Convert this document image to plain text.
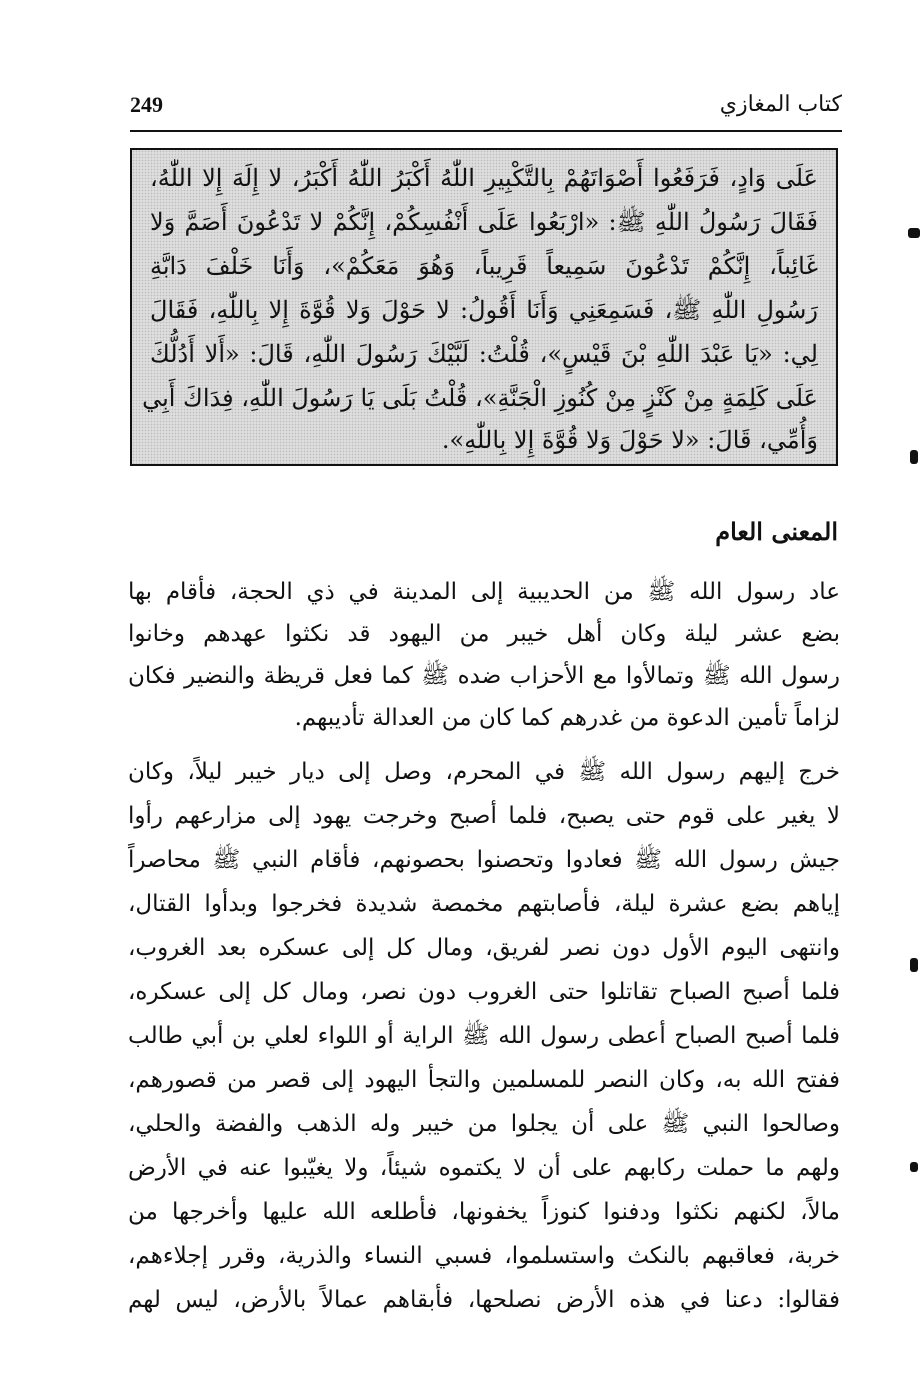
249	كتاب المغازي
عَلَى وَادٍ، فَرَفَعُوا أَصْوَاتَهُمْ بِالتَّكْبِيرِ اللّٰهُ أَكْبَرُ اللّٰهُ أَكْبَرُ، لا إِلَهَ إِلا اللّٰهُ،
فَقَالَ رَسُولُ اللّٰهِ ﷺ: «ارْبَعُوا عَلَى أَنْفُسِكُمْ، إِنَّكُمْ لا تَدْعُونَ أَصَمَّ وَلا
غَائِباً، إِنَّكُمْ تَدْعُونَ سَمِيعاً قَرِيباً، وَهُوَ مَعَكُمْ»، وَأَنَا خَلْفَ دَابَّةِ
رَسُولِ اللّٰهِ ﷺ، فَسَمِعَنِي وَأَنَا أَقُولُ: لا حَوْلَ وَلا قُوَّةَ إِلا بِاللّٰهِ، فَقَالَ
لِي: «يَا عَبْدَ اللّٰهِ بْنَ قَيْسٍ»، قُلْتُ: لَبَّيْكَ رَسُولَ اللّٰهِ، قَالَ: «أَلا أَدُلُّكَ
عَلَى كَلِمَةٍ مِنْ كَنْزٍ مِنْ كُنُوزِ الْجَنَّةِ»، قُلْتُ بَلَى يَا رَسُولَ اللّٰهِ، فِدَاكَ أَبِي
وَأُمِّي، قَالَ: «لا حَوْلَ وَلا قُوَّةَ إِلا بِاللّٰهِ».
المعنى العام
عاد رسول الله ﷺ من الحديبية إلى المدينة في ذي الحجة، فأقام بها
بضع عشر ليلة وكان أهل خيبر من اليهود قد نكثوا عهدهم وخانوا
رسول الله ﷺ وتمالأوا مع الأحزاب ضده ﷺ كما فعل قريظة والنضير فكان
لزاماً تأمين الدعوة من غدرهم كما كان من العدالة تأديبهم.
خرج إليهم رسول الله ﷺ في المحرم، وصل إلى ديار خيبر ليلاً، وكان
لا يغير على قوم حتى يصبح، فلما أصبح وخرجت يهود إلى مزارعهم رأوا
جيش رسول الله ﷺ فعادوا وتحصنوا بحصونهم، فأقام النبي ﷺ محاصراً
إياهم بضع عشرة ليلة، فأصابتهم مخمصة شديدة فخرجوا وبدأوا القتال،
وانتهى اليوم الأول دون نصر لفريق، ومال كل إلى عسكره بعد الغروب،
فلما أصبح الصباح تقاتلوا حتى الغروب دون نصر، ومال كل إلى عسكره،
فلما أصبح الصباح أعطى رسول الله ﷺ الراية أو اللواء لعلي بن أبي طالب
ففتح الله به، وكان النصر للمسلمين والتجأ اليهود إلى قصر من قصورهم،
وصالحوا النبي ﷺ على أن يجلوا من خيبر وله الذهب والفضة والحلي،
ولهم ما حملت ركابهم على أن لا يكتموه شيئاً، ولا يغيّبوا عنه في الأرض
مالاً، لكنهم نكثوا ودفنوا كنوزاً يخفونها، فأطلعه الله عليها وأخرجها من
خربة، فعاقبهم بالنكث واستسلموا، فسبي النساء والذرية، وقرر إجلاءهم،
فقالوا: دعنا في هذه الأرض نصلحها، فأبقاهم عمالاً بالأرض، ليس لهم
